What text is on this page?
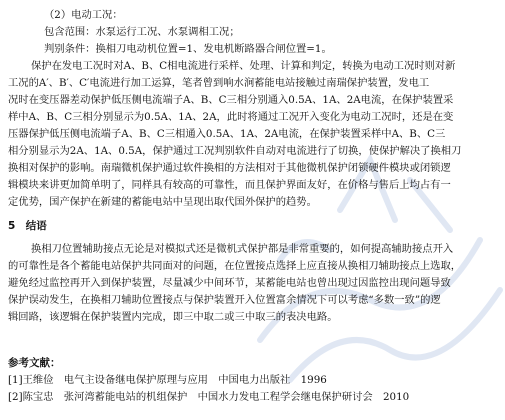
（2）电动工况：
包含范围：水泵运行工况、水泵调相工况；
判别条件：换相刀电动机位置=1、发电机断路器合闸位置=1。
保护在发电工况时对A、B、C相电流进行采样、处理、计算和判定，转换为电动工况时则对新
工况的A′、B′、C′电流进行加工运算，笔者曾到响水涧蓄能电站接触过南瑞保护装置，发电工
况时在变压器差动保护低压侧电流端子A、B、C三相分别通入0.5A、1A、2A电流，在保护装置采
样中A、B、C三相分别显示为0.5A、1A、2A，此时将通过工况开入变化为电动工况时，还是在变
压器保护低压侧电流端子A、B、C三相通入0.5A、1A、2A电流，在保护装置采样中A、B、C三
相分别显示为2A、1A、0.5A，保护通过工况判别软件自动对电流进行了切换，使保护解决了换相刀
换相对保护的影响。南瑞微机保护通过软件换相的方法相对于其他微机保护闭锁硬件模块或闭锁逻
辑模块来讲更加简单明了，同样具有较高的可靠性，而且保护界面友好，在价格与售后上均占有一
定优势，国产保护在新建的蓄能电站中呈现出取代国外保护的趋势。
5　结语
换相刀位置辅助接点无论是对模拟式还是微机式保护都是非常重要的，如何提高辅助接点开入
的可靠性是各个蓄能电站保护共同面对的问题，在位置接点选择上应直接从换相刀辅助接点上选取，
避免经过监控再开入到保护装置，尽量减少中间环节，某蓄能电站也曾出现过因监控出现问题导致
保护误动发生，在换相刀辅助位置接点与保护装置开入位置富余情况下可以考虑“多数一致”的逻
辑回路，该逻辑在保护装置内完成，即三中取二或三中取三的表决电路。
参考文献：
[1]王维俭　电气主设备继电保护原理与应用　中国电力出版社　1996
[2]陈宝忠　张河湾蓄能电站的机组保护　中国水力发电工程学会继电保护研讨会　2010
